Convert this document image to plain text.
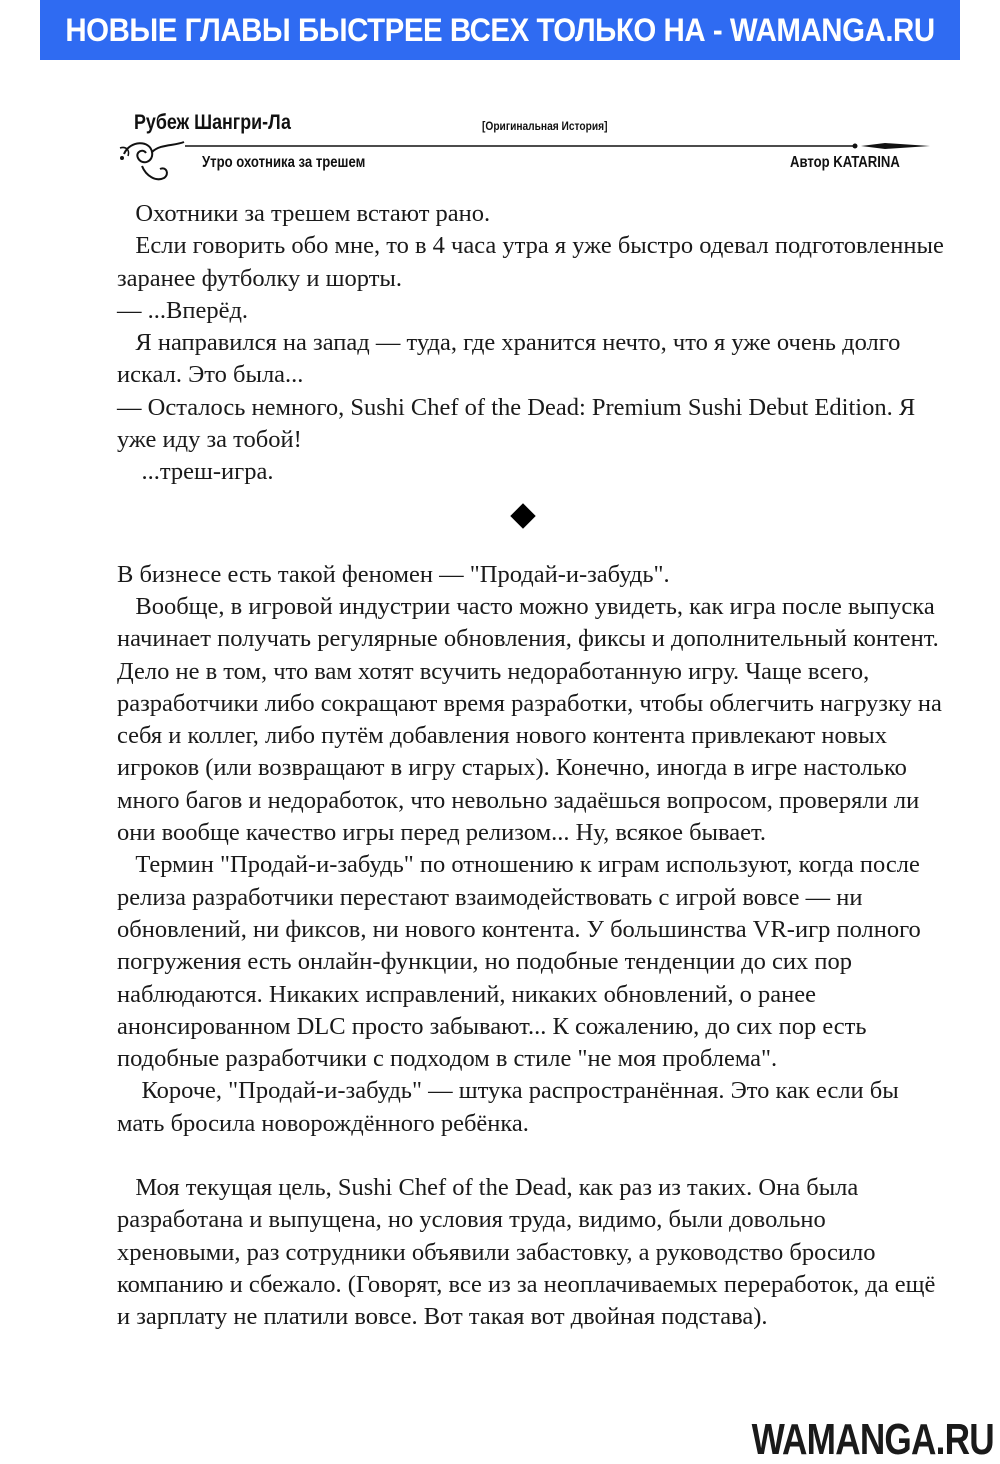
НОВЫЕ ГЛАВЫ БЫСТРЕЕ ВСЕХ ТОЛЬКО НА - WAMANGA.RU
Рубеж Шангри-Ла	[Оригинальная История]
Утро охотника за трешем	Автор KATARINA

Охотники за трешем встают рано.

Если говорить обо мне, то в 4 часа утра я уже быстро одевал подготовленные заранее футболку и шорты.

— ...Вперёд.

Я направился на запад — туда, где хранится нечто, что я уже очень долго искал. Это была...

— Осталось немного, Sushi Chef of the Dead: Premium Sushi Debut Edition. Я уже иду за тобой!

...треш-игра.

В бизнесе есть такой феномен — "Продай-и-забудь".

Вообще, в игровой индустрии часто можно увидеть, как игра после выпуска начинает получать регулярные обновления, фиксы и дополнительный контент. Дело не в том, что вам хотят всучить недоработанную игру. Чаще всего, разработчики либо сокращают время разработки, чтобы облегчить нагрузку на себя и коллег, либо путём добавления нового контента привлекают новых игроков (или возвращают в игру старых). Конечно, иногда в игре настолько много багов и недоработок, что невольно задаёшься вопросом, проверяли ли они вообще качество игры перед релизом... Ну, всякое бывает.

Термин "Продай-и-забудь" по отношению к играм используют, когда после релиза разработчики перестают взаимодействовать с игрой вовсе — ни обновлений, ни фиксов, ни нового контента. У большинства VR-игр полного погружения есть онлайн-функции, но подобные тенденции до сих пор наблюдаются. Никаких исправлений, никаких обновлений, о ранее анонсированном DLC просто забывают... К сожалению, до сих пор есть подобные разработчики с подходом в стиле "не моя проблема".

Короче, "Продай-и-забудь" — штука распространённая. Это как если бы мать бросила новорождённого ребёнка.

Моя текущая цель, Sushi Chef of the Dead, как раз из таких. Она была разработана и выпущена, но условия труда, видимо, были довольно хреновыми, раз сотрудники объявили забастовку, а руководство бросило компанию и сбежало. (Говорят, все из за неоплачиваемых переработок, да ещё и зарплату не платили вовсе. Вот такая вот двойная подстава).

WAMANGA.RU
